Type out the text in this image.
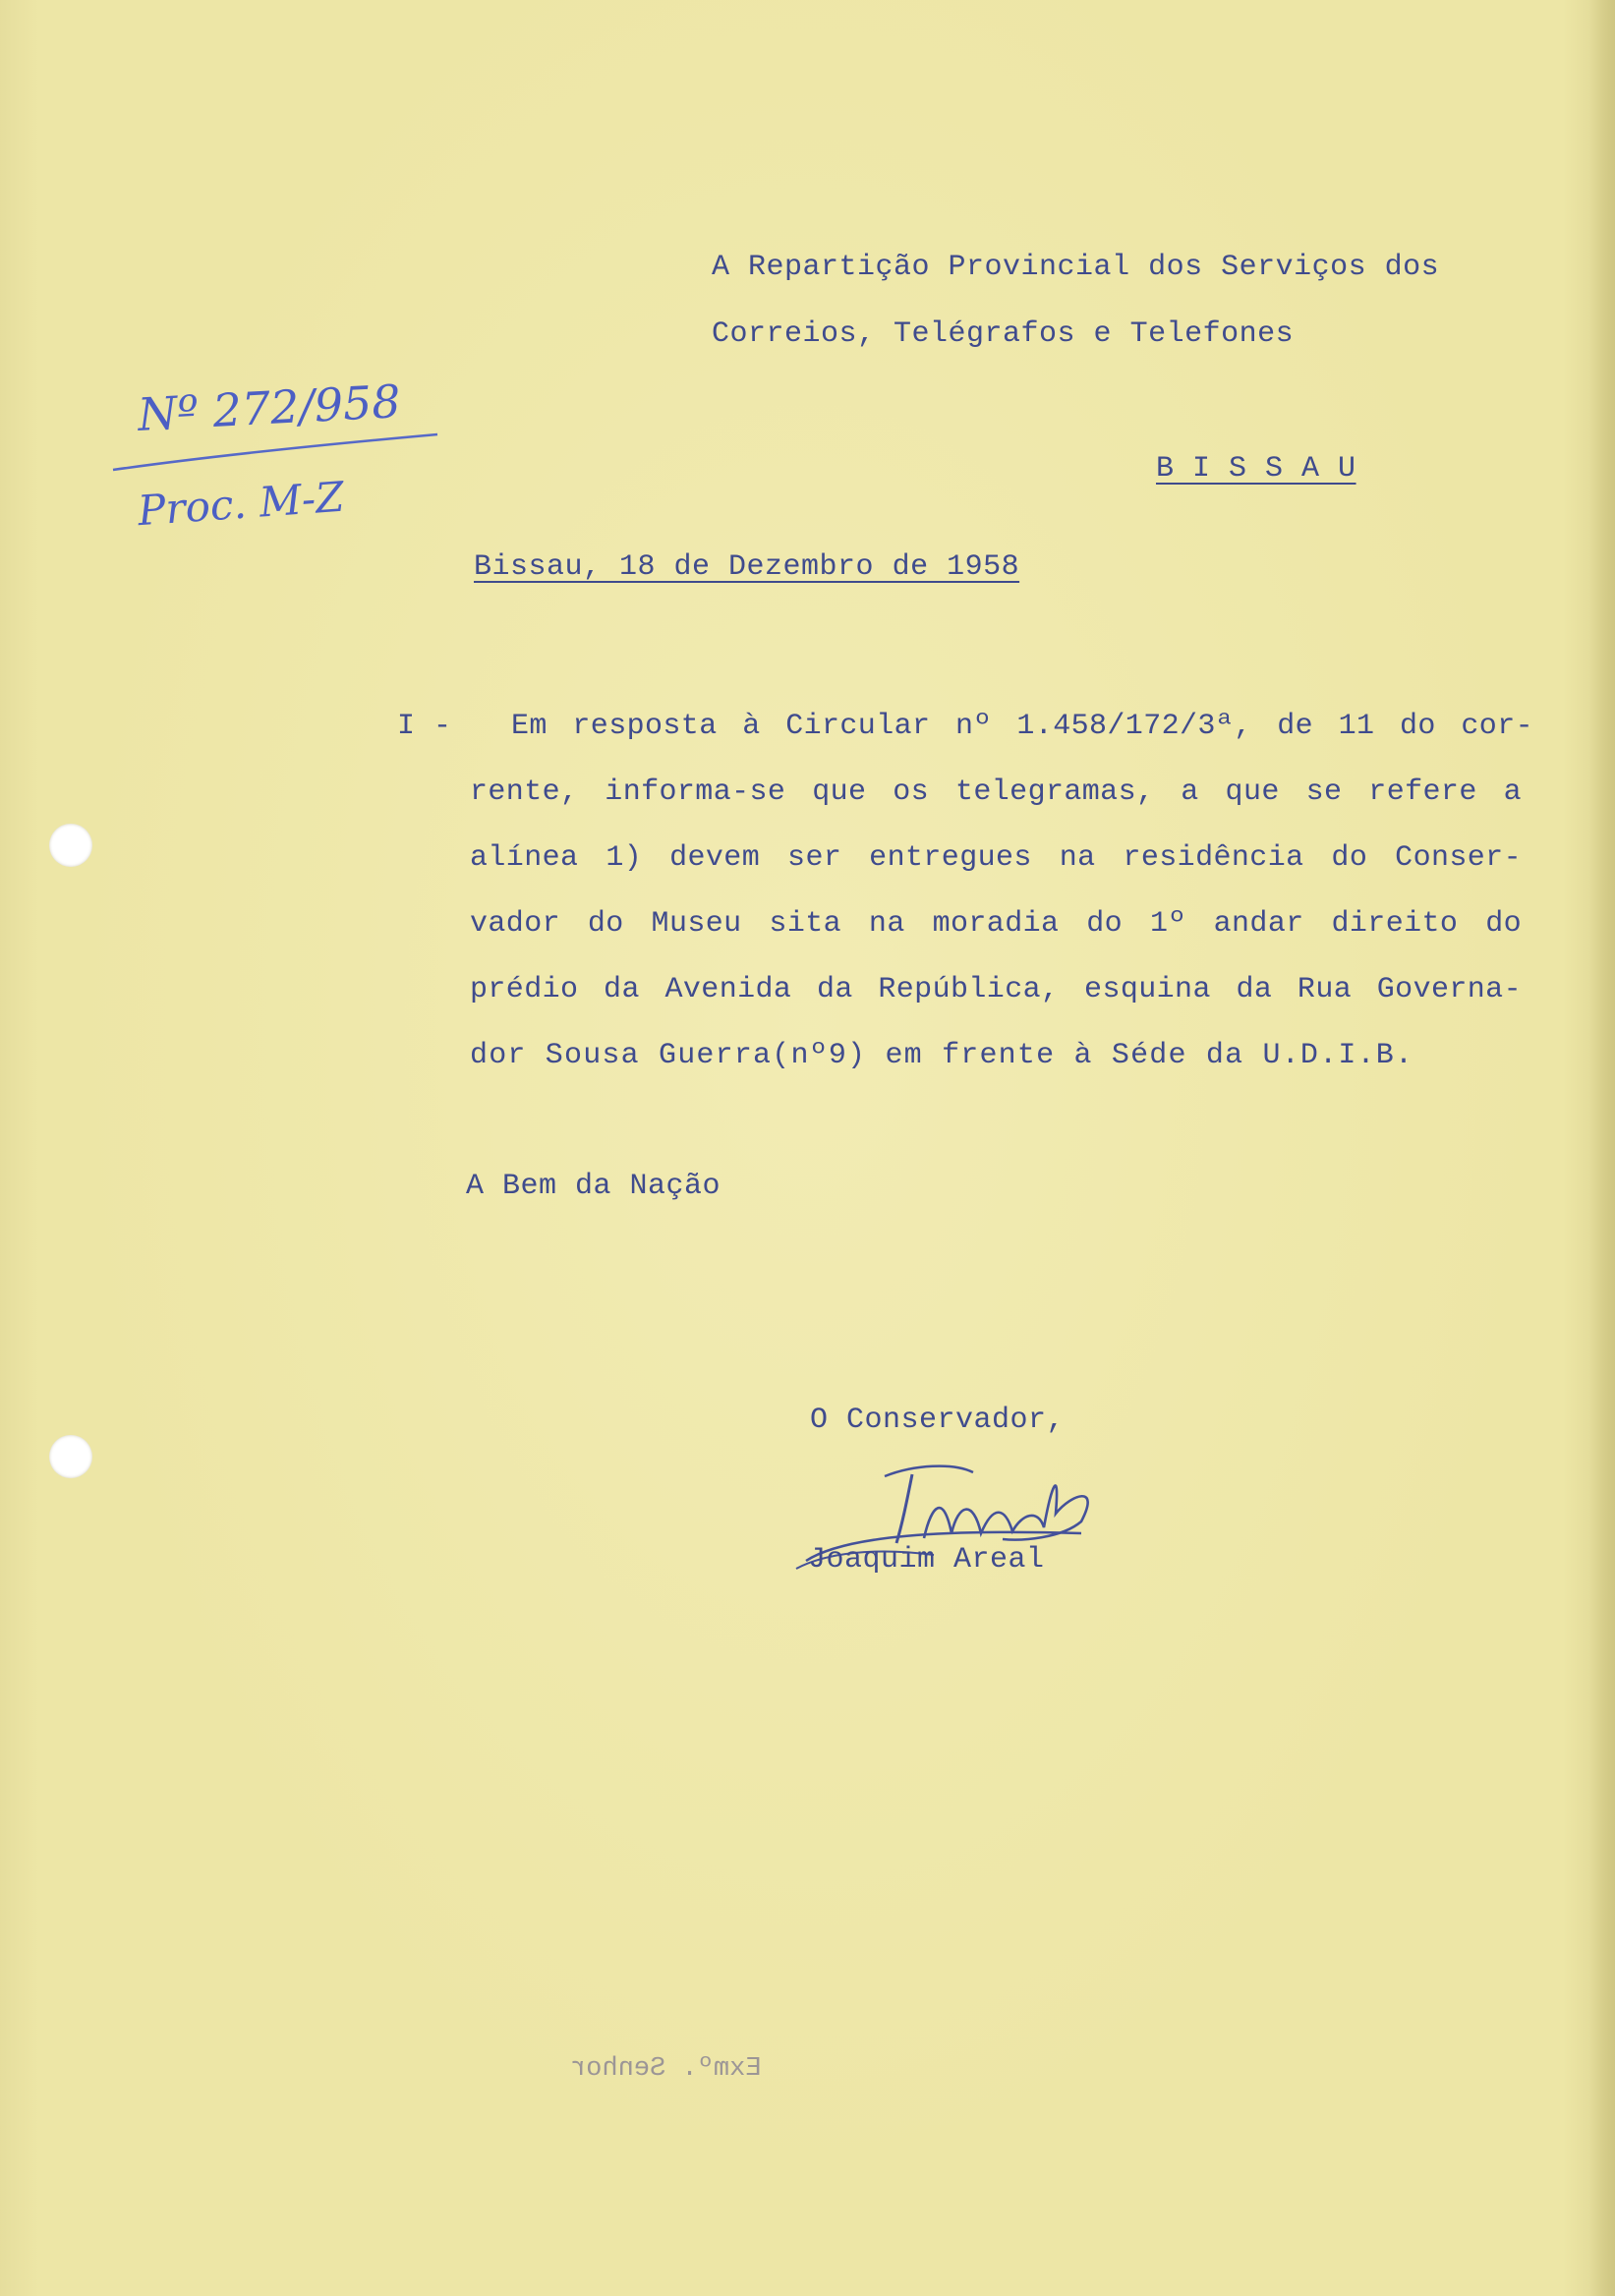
A Repartição Provincial dos Serviços dos
Correios, Telégrafos e Telefones
B I S S A U
Nº 272/958
Proc. M-Z
Bissau, 18 de Dezembro de 1958
I - Em resposta à Circular nº 1.458/172/3ª, de 11 do cor-
rente, informa-se que os telegramas, a que se refere a
alínea 1) devem ser entregues na residência do Conser-
vador do Museu sita na moradia do 1º andar direito do
prédio da Avenida da República, esquina da Rua Governa-
dor Sousa Guerra(nº9) em frente à Séde da U.D.I.B.
A Bem da Nação
O Conservador,
Joaquim Areal
Exmº. Senhor
